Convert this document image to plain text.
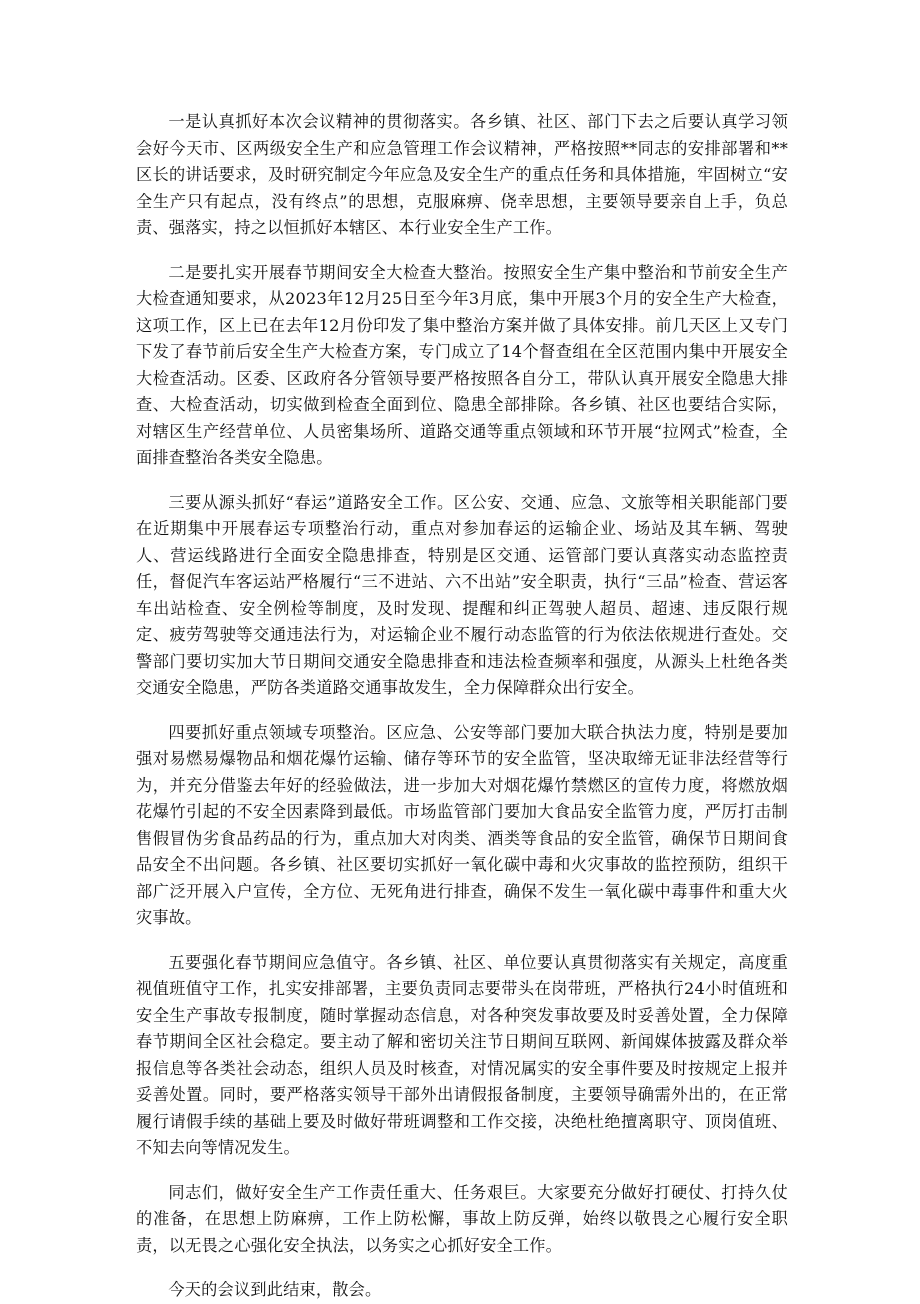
一是认真抓好本次会议精神的贯彻落实。各乡镇、社区、部门下去之后要认真学习领会好今天市、区两级安全生产和应急管理工作会议精神，严格按照**同志的安排部署和**区长的讲话要求，及时研究制定今年应急及安全生产的重点任务和具体措施，牢固树立“安全生产只有起点，没有终点”的思想，克服麻痹、侥幸思想，主要领导要亲自上手，负总责、强落实，持之以恒抓好本辖区、本行业安全生产工作。

二是要扎实开展春节期间安全大检查大整治。按照安全生产集中整治和节前安全生产大检查通知要求，从2023年12月25日至今年3月底，集中开展3个月的安全生产大检查，这项工作，区上已在去年12月份印发了集中整治方案并做了具体安排。前几天区上又专门下发了春节前后安全生产大检查方案，专门成立了14个督查组在全区范围内集中开展安全大检查活动。区委、区政府各分管领导要严格按照各自分工，带队认真开展安全隐患大排查、大检查活动，切实做到检查全面到位、隐患全部排除。各乡镇、社区也要结合实际，对辖区生产经营单位、人员密集场所、道路交通等重点领域和环节开展“拉网式”检查，全面排查整治各类安全隐患。

三要从源头抓好“春运”道路安全工作。区公安、交通、应急、文旅等相关职能部门要在近期集中开展春运专项整治行动，重点对参加春运的运输企业、场站及其车辆、驾驶人、营运线路进行全面安全隐患排查，特别是区交通、运管部门要认真落实动态监控责任，督促汽车客运站严格履行“三不进站、六不出站”安全职责，执行“三品”检查、营运客车出站检查、安全例检等制度，及时发现、提醒和纠正驾驶人超员、超速、违反限行规定、疲劳驾驶等交通违法行为，对运输企业不履行动态监管的行为依法依规进行查处。交警部门要切实加大节日期间交通安全隐患排查和违法检查频率和强度，从源头上杜绝各类交通安全隐患，严防各类道路交通事故发生，全力保障群众出行安全。

四要抓好重点领域专项整治。区应急、公安等部门要加大联合执法力度，特别是要加强对易燃易爆物品和烟花爆竹运输、储存等环节的安全监管，坚决取缔无证非法经营等行为，并充分借鉴去年好的经验做法，进一步加大对烟花爆竹禁燃区的宣传力度，将燃放烟花爆竹引起的不安全因素降到最低。市场监管部门要加大食品安全监管力度，严厉打击制售假冒伪劣食品药品的行为，重点加大对肉类、酒类等食品的安全监管，确保节日期间食品安全不出问题。各乡镇、社区要切实抓好一氧化碳中毒和火灾事故的监控预防，组织干部广泛开展入户宣传，全方位、无死角进行排查，确保不发生一氧化碳中毒事件和重大火灾事故。

五要强化春节期间应急值守。各乡镇、社区、单位要认真贯彻落实有关规定，高度重视值班值守工作，扎实安排部署，主要负责同志要带头在岗带班，严格执行24小时值班和安全生产事故专报制度，随时掌握动态信息，对各种突发事故要及时妥善处置，全力保障春节期间全区社会稳定。要主动了解和密切关注节日期间互联网、新闻媒体披露及群众举报信息等各类社会动态，组织人员及时核查，对情况属实的安全事件要及时按规定上报并妥善处置。同时，要严格落实领导干部外出请假报备制度，主要领导确需外出的，在正常履行请假手续的基础上要及时做好带班调整和工作交接，决绝杜绝擅离职守、顶岗值班、不知去向等情况发生。

同志们，做好安全生产工作责任重大、任务艰巨。大家要充分做好打硬仗、打持久仗的准备，在思想上防麻痹，工作上防松懈，事故上防反弹，始终以敬畏之心履行安全职责，以无畏之心强化安全执法，以务实之心抓好安全工作。

今天的会议到此结束，散会。
